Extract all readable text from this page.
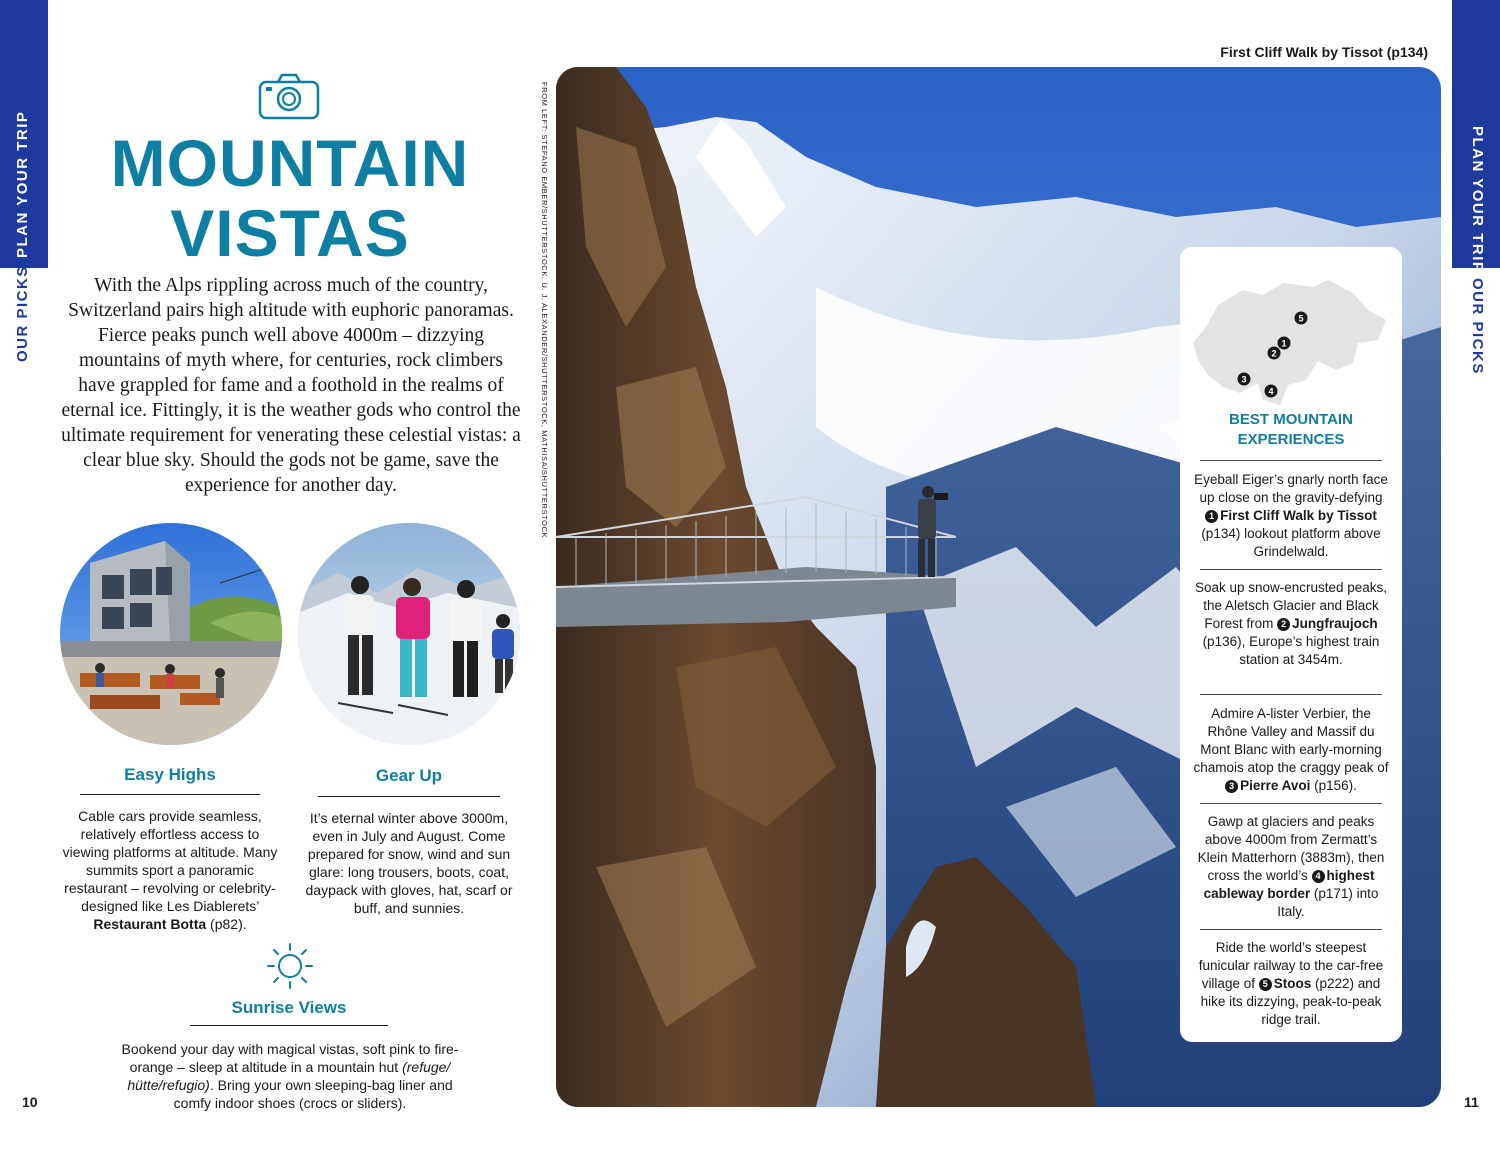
PLAN YOUR TRIP
OUR PICKS
PLAN YOUR TRIP
OUR PICKS
10	11
MOUNTAIN
VISTAS
With the Alps rippling across much of the country, Switzerland pairs high altitude with euphoric panoramas. Fierce peaks punch well above 4000m – dizzying mountains of myth where, for centuries, rock climbers have grappled for fame and a foothold in the realms of eternal ice. Fittingly, it is the weather gods who control the ultimate requirement for venerating these celestial vistas: a clear blue sky. Should the gods not be game, save the experience for another day.
Easy Highs
Cable cars provide seamless, relatively effortless access to viewing platforms at altitude. Many summits sport a panoramic restaurant – revolving or celebrity-designed like Les Diablerets’ Restaurant Botta (p82).
Gear Up
It’s eternal winter above 3000m, even in July and August. Come prepared for snow, wind and sun glare: long trousers, boots, coat, daypack with gloves, hat, scarf or buff, and sunnies.
Sunrise Views
Bookend your day with magical vistas, soft pink to fire-orange – sleep at altitude in a mountain hut (refuge/ hütte/refugio). Bring your own sleeping-bag liner and comfy indoor shoes (crocs or sliders).
FROM LEFT: STEFANO EMBER/SHUTTERSTOCK, U. J. ALEXANDER/SHUTTERSTOCK, MATHISA/SHUTTERSTOCK
First Cliff Walk by Tissot (p134)
5
1
2
3
4
BEST MOUNTAIN
EXPERIENCES
Eyeball Eiger’s gnarly north face up close on the gravity-defying 1 First Cliff Walk by Tissot (p134) lookout platform above Grindelwald.
Soak up snow-encrusted peaks, the Aletsch Glacier and Black Forest from 2 Jungfraujoch (p136), Europe’s highest train station at 3454m.
Admire A-lister Verbier, the Rhône Valley and Massif du Mont Blanc with early-morning chamois atop the craggy peak of 3 Pierre Avoi (p156).
Gawp at glaciers and peaks above 4000m from Zermatt’s Klein Matterhorn (3883m), then cross the world’s 4 highest cableway border (p171) into Italy.
Ride the world’s steepest funicular railway to the car-free village of 5 Stoos (p222) and hike its dizzying, peak-to-peak ridge trail.
